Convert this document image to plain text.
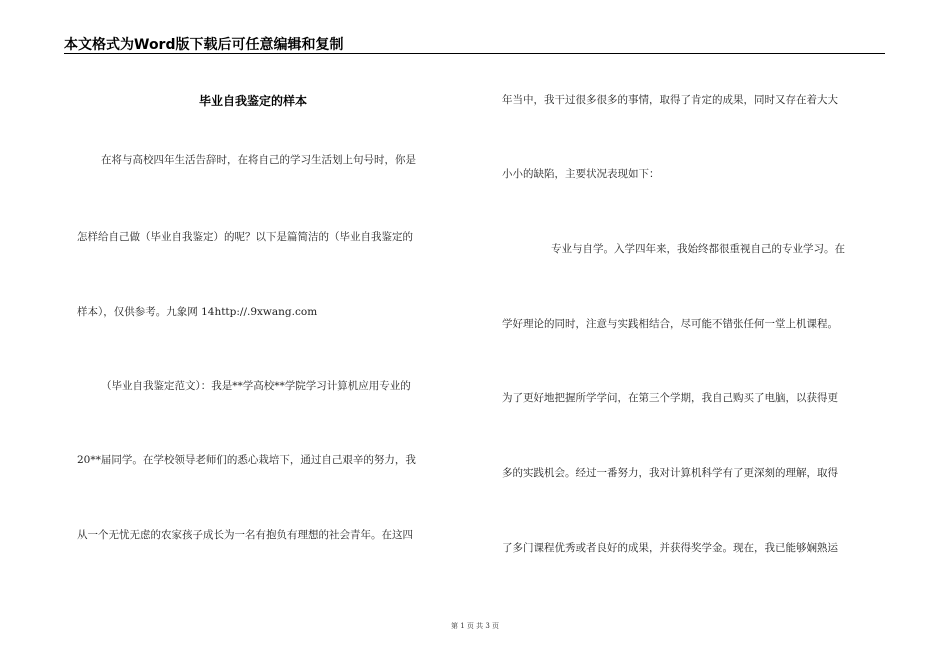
本文格式为Word版下载后可任意编辑和复制
毕业自我鉴定的样本
在将与高校四年生活告辞时，在将自己的学习生活划上句号时，你是
怎样给自己做（毕业自我鉴定）的呢？以下是篇简洁的（毕业自我鉴定的
样本），仅供参考。九象网 14http://.9xwang.com
（毕业自我鉴定范文）：我是**学高校**学院学习计算机应用专业的
20**届同学。在学校领导老师们的悉心栽培下，通过自己艰辛的努力，我
从一个无忧无虑的农家孩子成长为一名有抱负有理想的社会青年。在这四
年当中，我干过很多很多的事情，取得了肯定的成果，同时又存在着大大
小小的缺陷，主要状况表现如下：
专业与自学。入学四年来，我始终都很重视自己的专业学习。在
学好理论的同时，注意与实践相结合，尽可能不错张任何一堂上机课程。
为了更好地把握所学学问，在第三个学期，我自己购买了电脑，以获得更
多的实践机会。经过一番努力，我对计算机科学有了更深刻的理解，取得
了多门课程优秀或者良好的成果，并获得奖学金。现在，我已能够娴熟运
第 1 页 共 3 页
